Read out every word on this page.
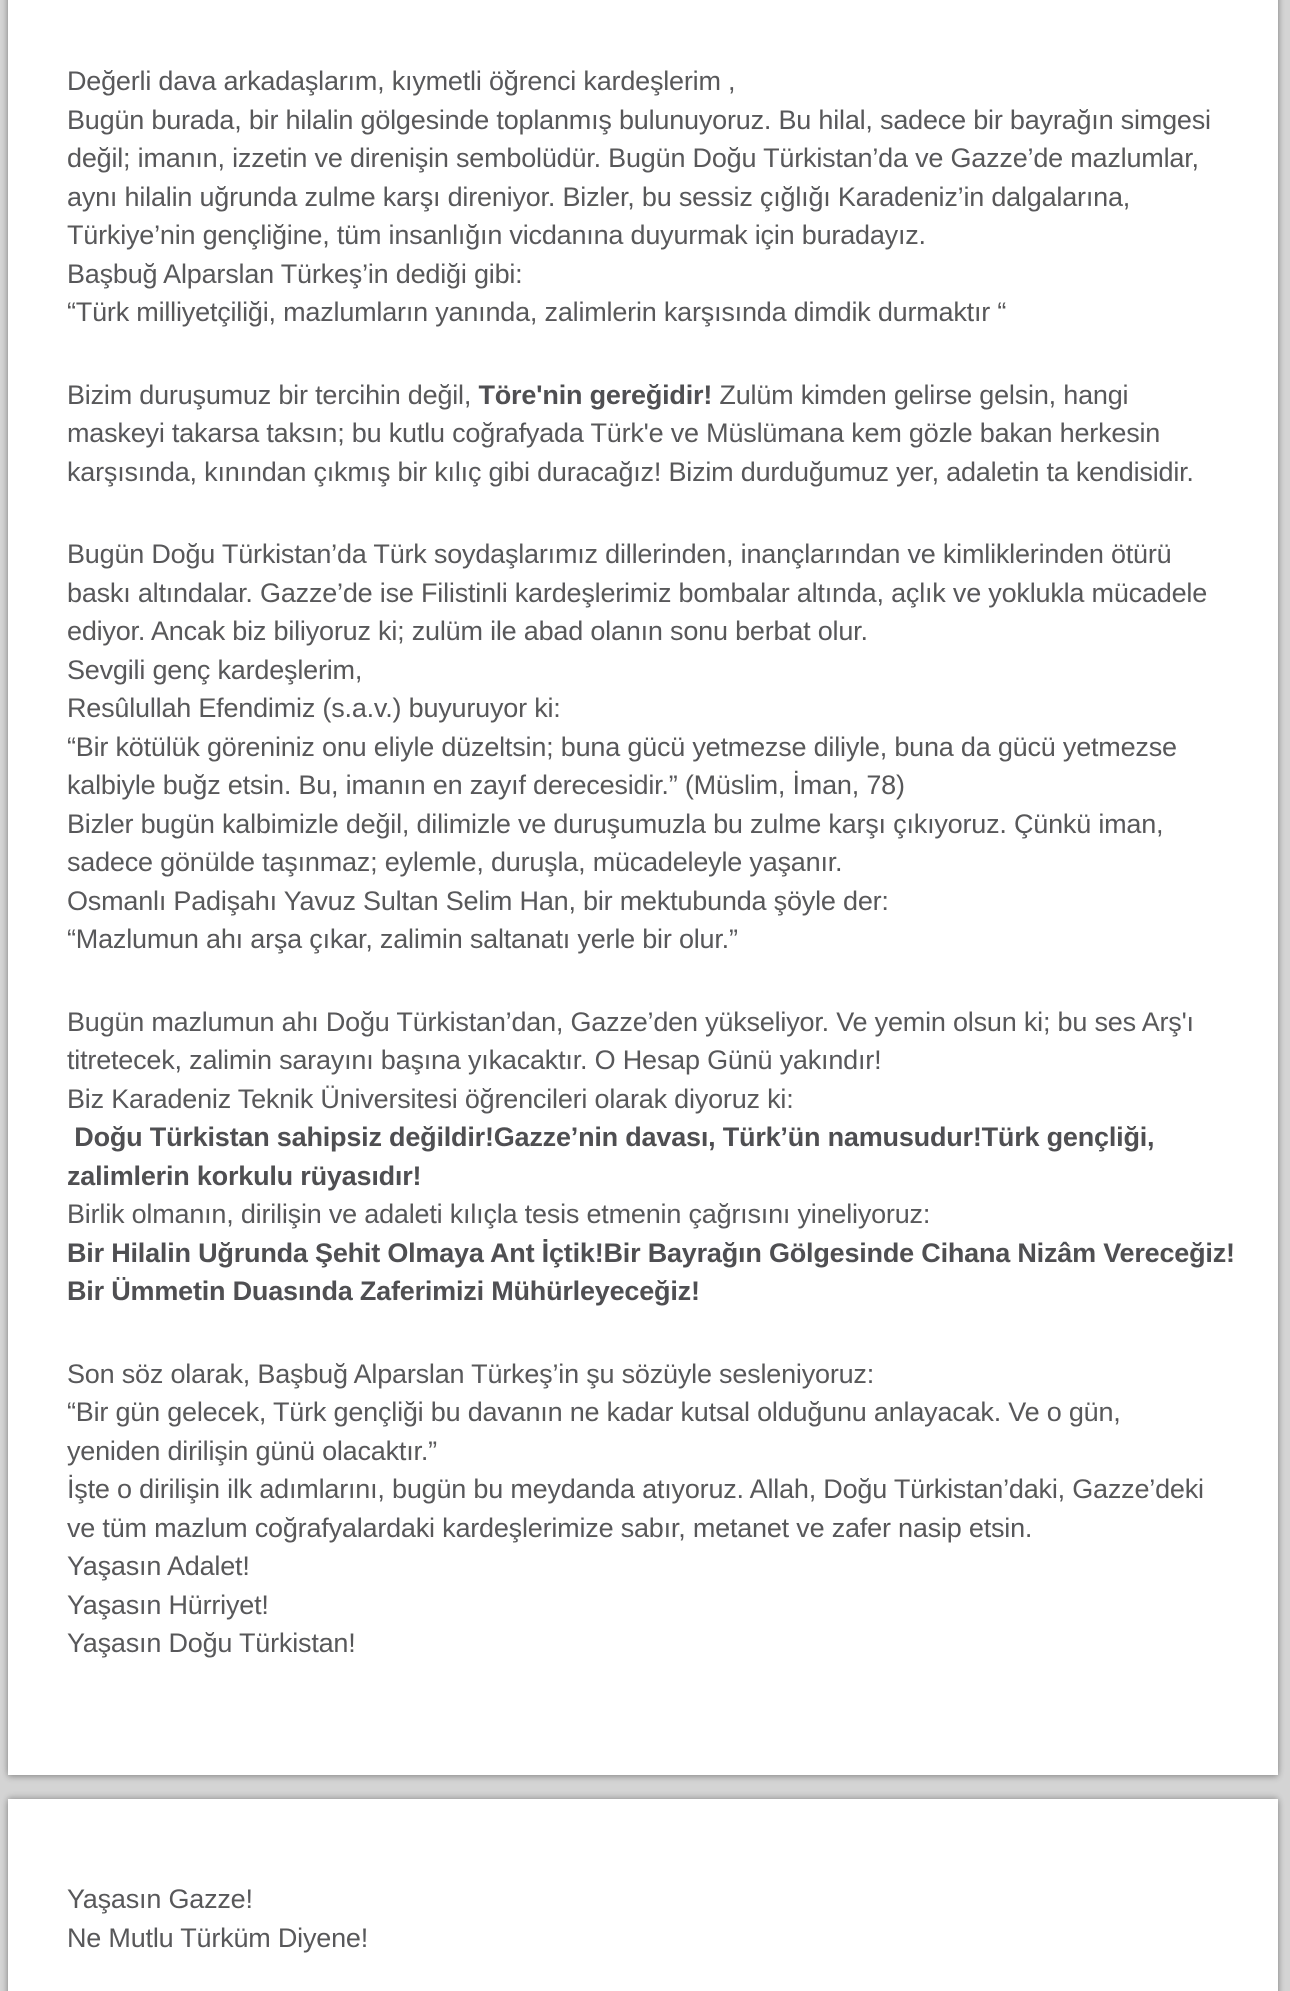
Değerli dava arkadaşlarım, kıymetli öğrenci kardeşlerim ,
Bugün burada, bir hilalin gölgesinde toplanmış bulunuyoruz. Bu hilal, sadece bir bayrağın simgesi
değil; imanın, izzetin ve direnişin sembolüdür. Bugün Doğu Türkistan’da ve Gazze’de mazlumlar,
aynı hilalin uğrunda zulme karşı direniyor. Bizler, bu sessiz çığlığı Karadeniz’in dalgalarına,
Türkiye’nin gençliğine, tüm insanlığın vicdanına duyurmak için buradayız.
Başbuğ Alparslan Türkeş’in dediği gibi:
“Türk milliyetçiliği, mazlumların yanında, zalimlerin karşısında dimdik durmaktır “

Bizim duruşumuz bir tercihin değil, Töre'nin gereğidir! Zulüm kimden gelirse gelsin, hangi
maskeyi takarsa taksın; bu kutlu coğrafyada Türk'e ve Müslümana kem gözle bakan herkesin
karşısında, kınından çıkmış bir kılıç gibi duracağız! Bizim durduğumuz yer, adaletin ta kendisidir.

Bugün Doğu Türkistan’da Türk soydaşlarımız dillerinden, inançlarından ve kimliklerinden ötürü
baskı altındalar. Gazze’de ise Filistinli kardeşlerimiz bombalar altında, açlık ve yoklukla mücadele
ediyor. Ancak biz biliyoruz ki; zulüm ile abad olanın sonu berbat olur.
Sevgili genç kardeşlerim,
Resûlullah Efendimiz (s.a.v.) buyuruyor ki:
“Bir kötülük göreniniz onu eliyle düzeltsin; buna gücü yetmezse diliyle, buna da gücü yetmezse
kalbiyle buğz etsin. Bu, imanın en zayıf derecesidir.” (Müslim, İman, 78)
Bizler bugün kalbimizle değil, dilimizle ve duruşumuzla bu zulme karşı çıkıyoruz. Çünkü iman,
sadece gönülde taşınmaz; eylemle, duruşla, mücadeleyle yaşanır.
Osmanlı Padişahı Yavuz Sultan Selim Han, bir mektubunda şöyle der:
“Mazlumun ahı arşa çıkar, zalimin saltanatı yerle bir olur.”

Bugün mazlumun ahı Doğu Türkistan’dan, Gazze’den yükseliyor. Ve yemin olsun ki; bu ses Arş'ı
titretecek, zalimin sarayını başına yıkacaktır. O Hesap Günü yakındır!
Biz Karadeniz Teknik Üniversitesi öğrencileri olarak diyoruz ki:
Doğu Türkistan sahipsiz değildir!Gazze’nin davası, Türk’ün namusudur!Türk gençliği,
zalimlerin korkulu rüyasıdır!
Birlik olmanın, dirilişin ve adaleti kılıçla tesis etmenin çağrısını yineliyoruz:
Bir Hilalin Uğrunda Şehit Olmaya Ant İçtik!Bir Bayrağın Gölgesinde Cihana Nizâm Vereceğiz!
Bir Ümmetin Duasında Zaferimizi Mühürleyeceğiz!

Son söz olarak, Başbuğ Alparslan Türkeş’in şu sözüyle sesleniyoruz:
“Bir gün gelecek, Türk gençliği bu davanın ne kadar kutsal olduğunu anlayacak. Ve o gün,
yeniden dirilişin günü olacaktır.”
İşte o dirilişin ilk adımlarını, bugün bu meydanda atıyoruz. Allah, Doğu Türkistan’daki, Gazze’deki
ve tüm mazlum coğrafyalardaki kardeşlerimize sabır, metanet ve zafer nasip etsin.
Yaşasın Adalet!
Yaşasın Hürriyet!
Yaşasın Doğu Türkistan!
Yaşasın Gazze!
Ne Mutlu Türküm Diyene!
